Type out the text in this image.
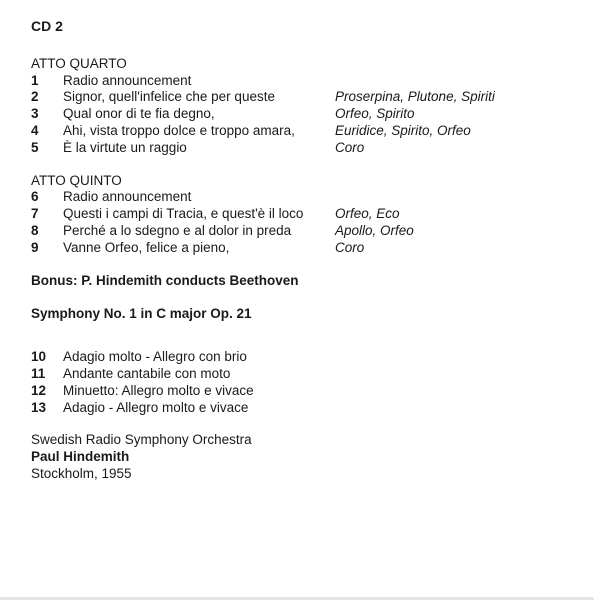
CD 2
ATTO QUARTO
1	Radio announcement
2	Signor, quell'infelice che per queste	Proserpina, Plutone, Spiriti
3	Qual onor di te fia degno,	Orfeo, Spirito
4	Ahi, vista troppo dolce e troppo amara,	Euridice, Spirito, Orfeo
5	È la virtute un raggio	Coro
ATTO QUINTO
6	Radio announcement
7	Questi i campi di Tracia, e quest'è il loco	Orfeo, Eco
8	Perché a lo sdegno e al dolor in preda	Apollo, Orfeo
9	Vanne Orfeo, felice a pieno,	Coro
Bonus: P. Hindemith conducts Beethoven
Symphony No. 1 in C major Op. 21
10	Adagio molto - Allegro con brio
11	Andante cantabile con moto
12	Minuetto: Allegro molto e vivace
13	Adagio - Allegro molto e vivace
Swedish Radio Symphony Orchestra
Paul Hindemith
Stockholm, 1955
